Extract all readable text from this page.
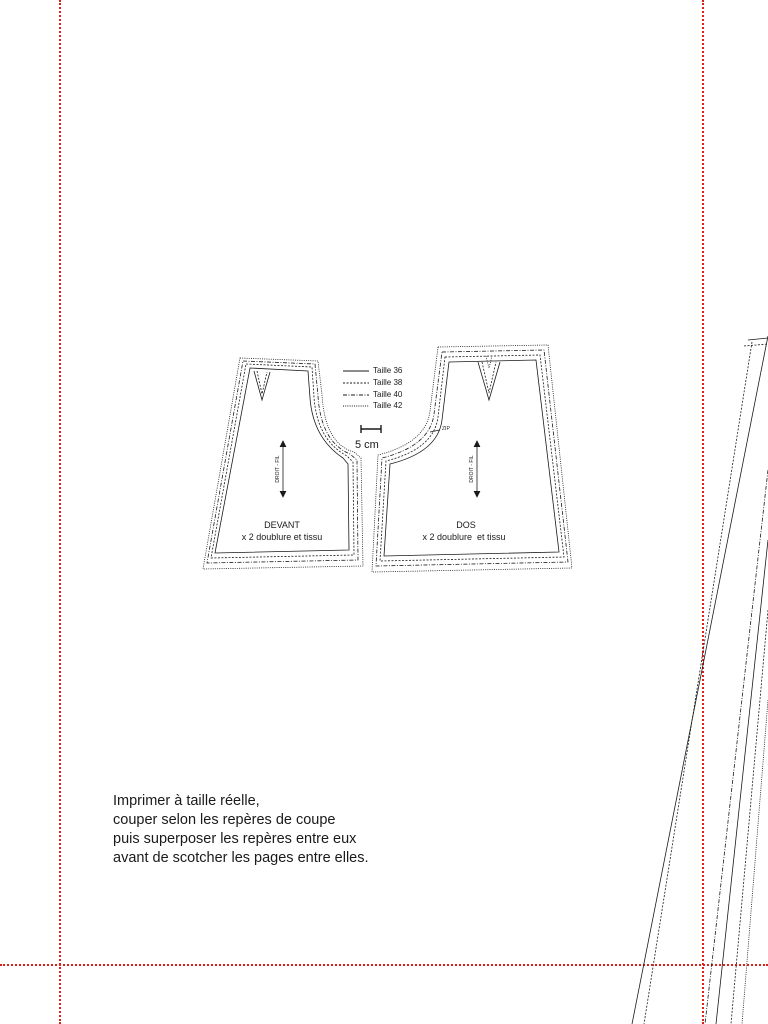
Taille 36
Taille 38
Taille 40
Taille 42
5 cm
DEVANT
x 2 doublure et tissu
DROIT - FIL
DOS
x 2 doublure  et tissu
DROIT - FIL
ZIP
Imprimer à taille réelle,
couper selon les repères de coupe
puis superposer les repères entre eux
avant de scotcher les pages entre elles.
